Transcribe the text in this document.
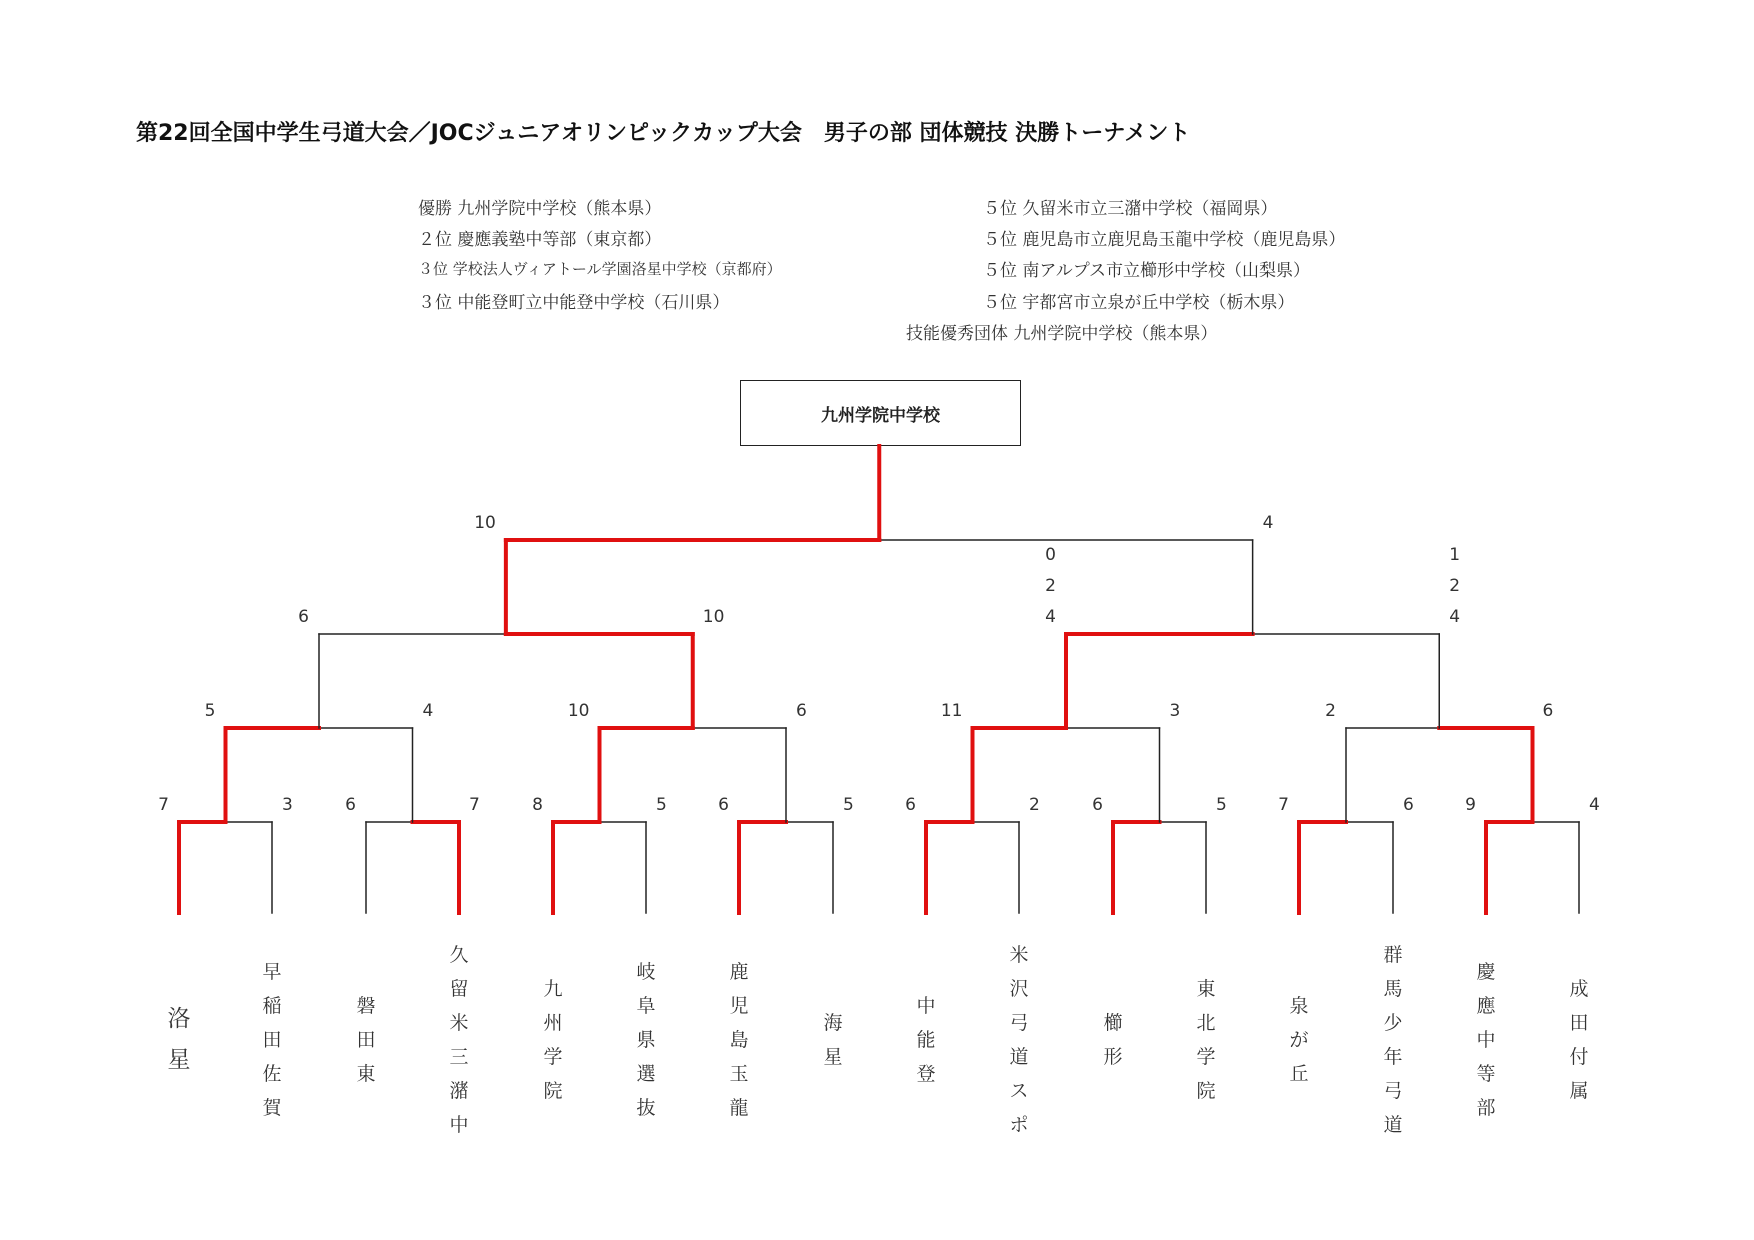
第22回全国中学生弓道大会／JOCジュニアオリンピックカップ大会　男子の部 団体競技 決勝トーナメント
優勝 九州学院中学校（熊本県）
２位 慶應義塾中等部（東京都）
３位 学校法人ヴィアトール学園洛星中学校（京都府）
３位 中能登町立中能登中学校（石川県）
５位 久留米市立三潴中学校（福岡県）
５位 鹿児島市立鹿児島玉龍中学校（鹿児島県）
５位 南アルプス市立櫛形中学校（山梨県）
５位 宇都宮市立泉が丘中学校（栃木県）
技能優秀団体 九州学院中学校（熊本県）
九州学院中学校
7	3	6	7	8	5	6	5	6	2	6	5	7	6	9	4
5	4	10	6	11	3	2	6
6	10
0
2
4
1
2
4
10	4
洛星
早稲田佐賀
磐田東
久留米三潴中
九州学院
岐阜県選抜
鹿児島玉龍
海星
中能登
米沢弓道スポ
櫛形
東北学院
泉が丘
群馬少年弓道
慶應中等部
成田付属
